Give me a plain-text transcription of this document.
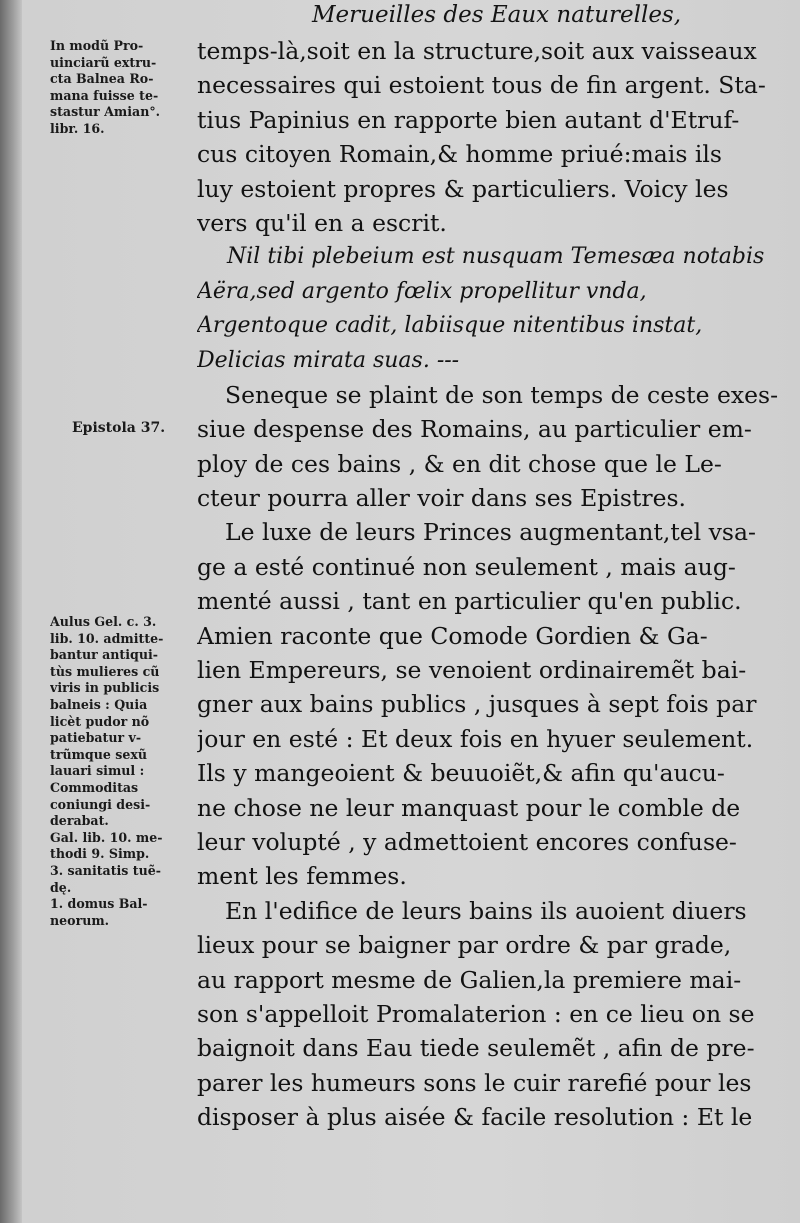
Merueilles des Eaux naturelles,
temps-là,soit en la structure,soit aux vaisseaux
necessaires qui estoient tous de fin argent. Sta-
tius Papinius en rapporte bien autant d'Etruf-
cus citoyen Romain,& homme priué:mais ils
luy estoient propres & particuliers. Voicy les
vers qu'il en a escrit.
Nil tibi plebeium est nusquam Temesæa notabis
Aëra,sed argento fœlix propellitur vnda,
Argentoque cadit, labiisque nitentibus instat,
Delicias mirata suas. ---
Seneque se plaint de son temps de ceste exes-
siue despense des Romains, au particulier em-
ploy de ces bains , & en dit chose que le Le-
cteur pourra aller voir dans ses Epistres.
Le luxe de leurs Princes augmentant,tel vsa-
ge a esté continué non seulement , mais aug-
menté aussi , tant en particulier qu'en public.
Amien raconte que Comode Gordien & Ga-
lien Empereurs, se venoient ordinairemẽt bai-
gner aux bains publics , jusques à sept fois par
jour en esté : Et deux fois en hyuer seulement.
Ils y mangeoient & beuuoiẽt,& afin qu'aucu-
ne chose ne leur manquast pour le comble de
leur volupté , y admettoient encores confuse-
ment les femmes.
En l'edifice de leurs bains ils auoient diuers
lieux pour se baigner par ordre & par grade,
au rapport mesme de Galien,la premiere mai-
son s'appelloit Promalaterion : en ce lieu on se
baignoit dans Eau tiede seulemẽt , afin de pre-
parer les humeurs sons le cuir rarefié pour les
disposer à plus aisée & facile resolution : Et le
In modũ Pro-
uinciarũ extru-
cta Balnea Ro-
mana fuisse te-
stastur Amian°.
libr. 16.
Epistola 37.
Aulus Gel. c. 3.
lib. 10. admitte-
bantur antiqui-
tùs mulieres cũ
viris in publicis
balneis : Quia
licèt pudor nõ
patiebatur v-
trũmque sexũ
lauari simul :
Commoditas
coniungi desi-
derabat.
Gal. lib. 10. me-
thodi 9. Simp.
3. sanitatis tuẽ-
dę.
1. domus Bal-
neorum.
